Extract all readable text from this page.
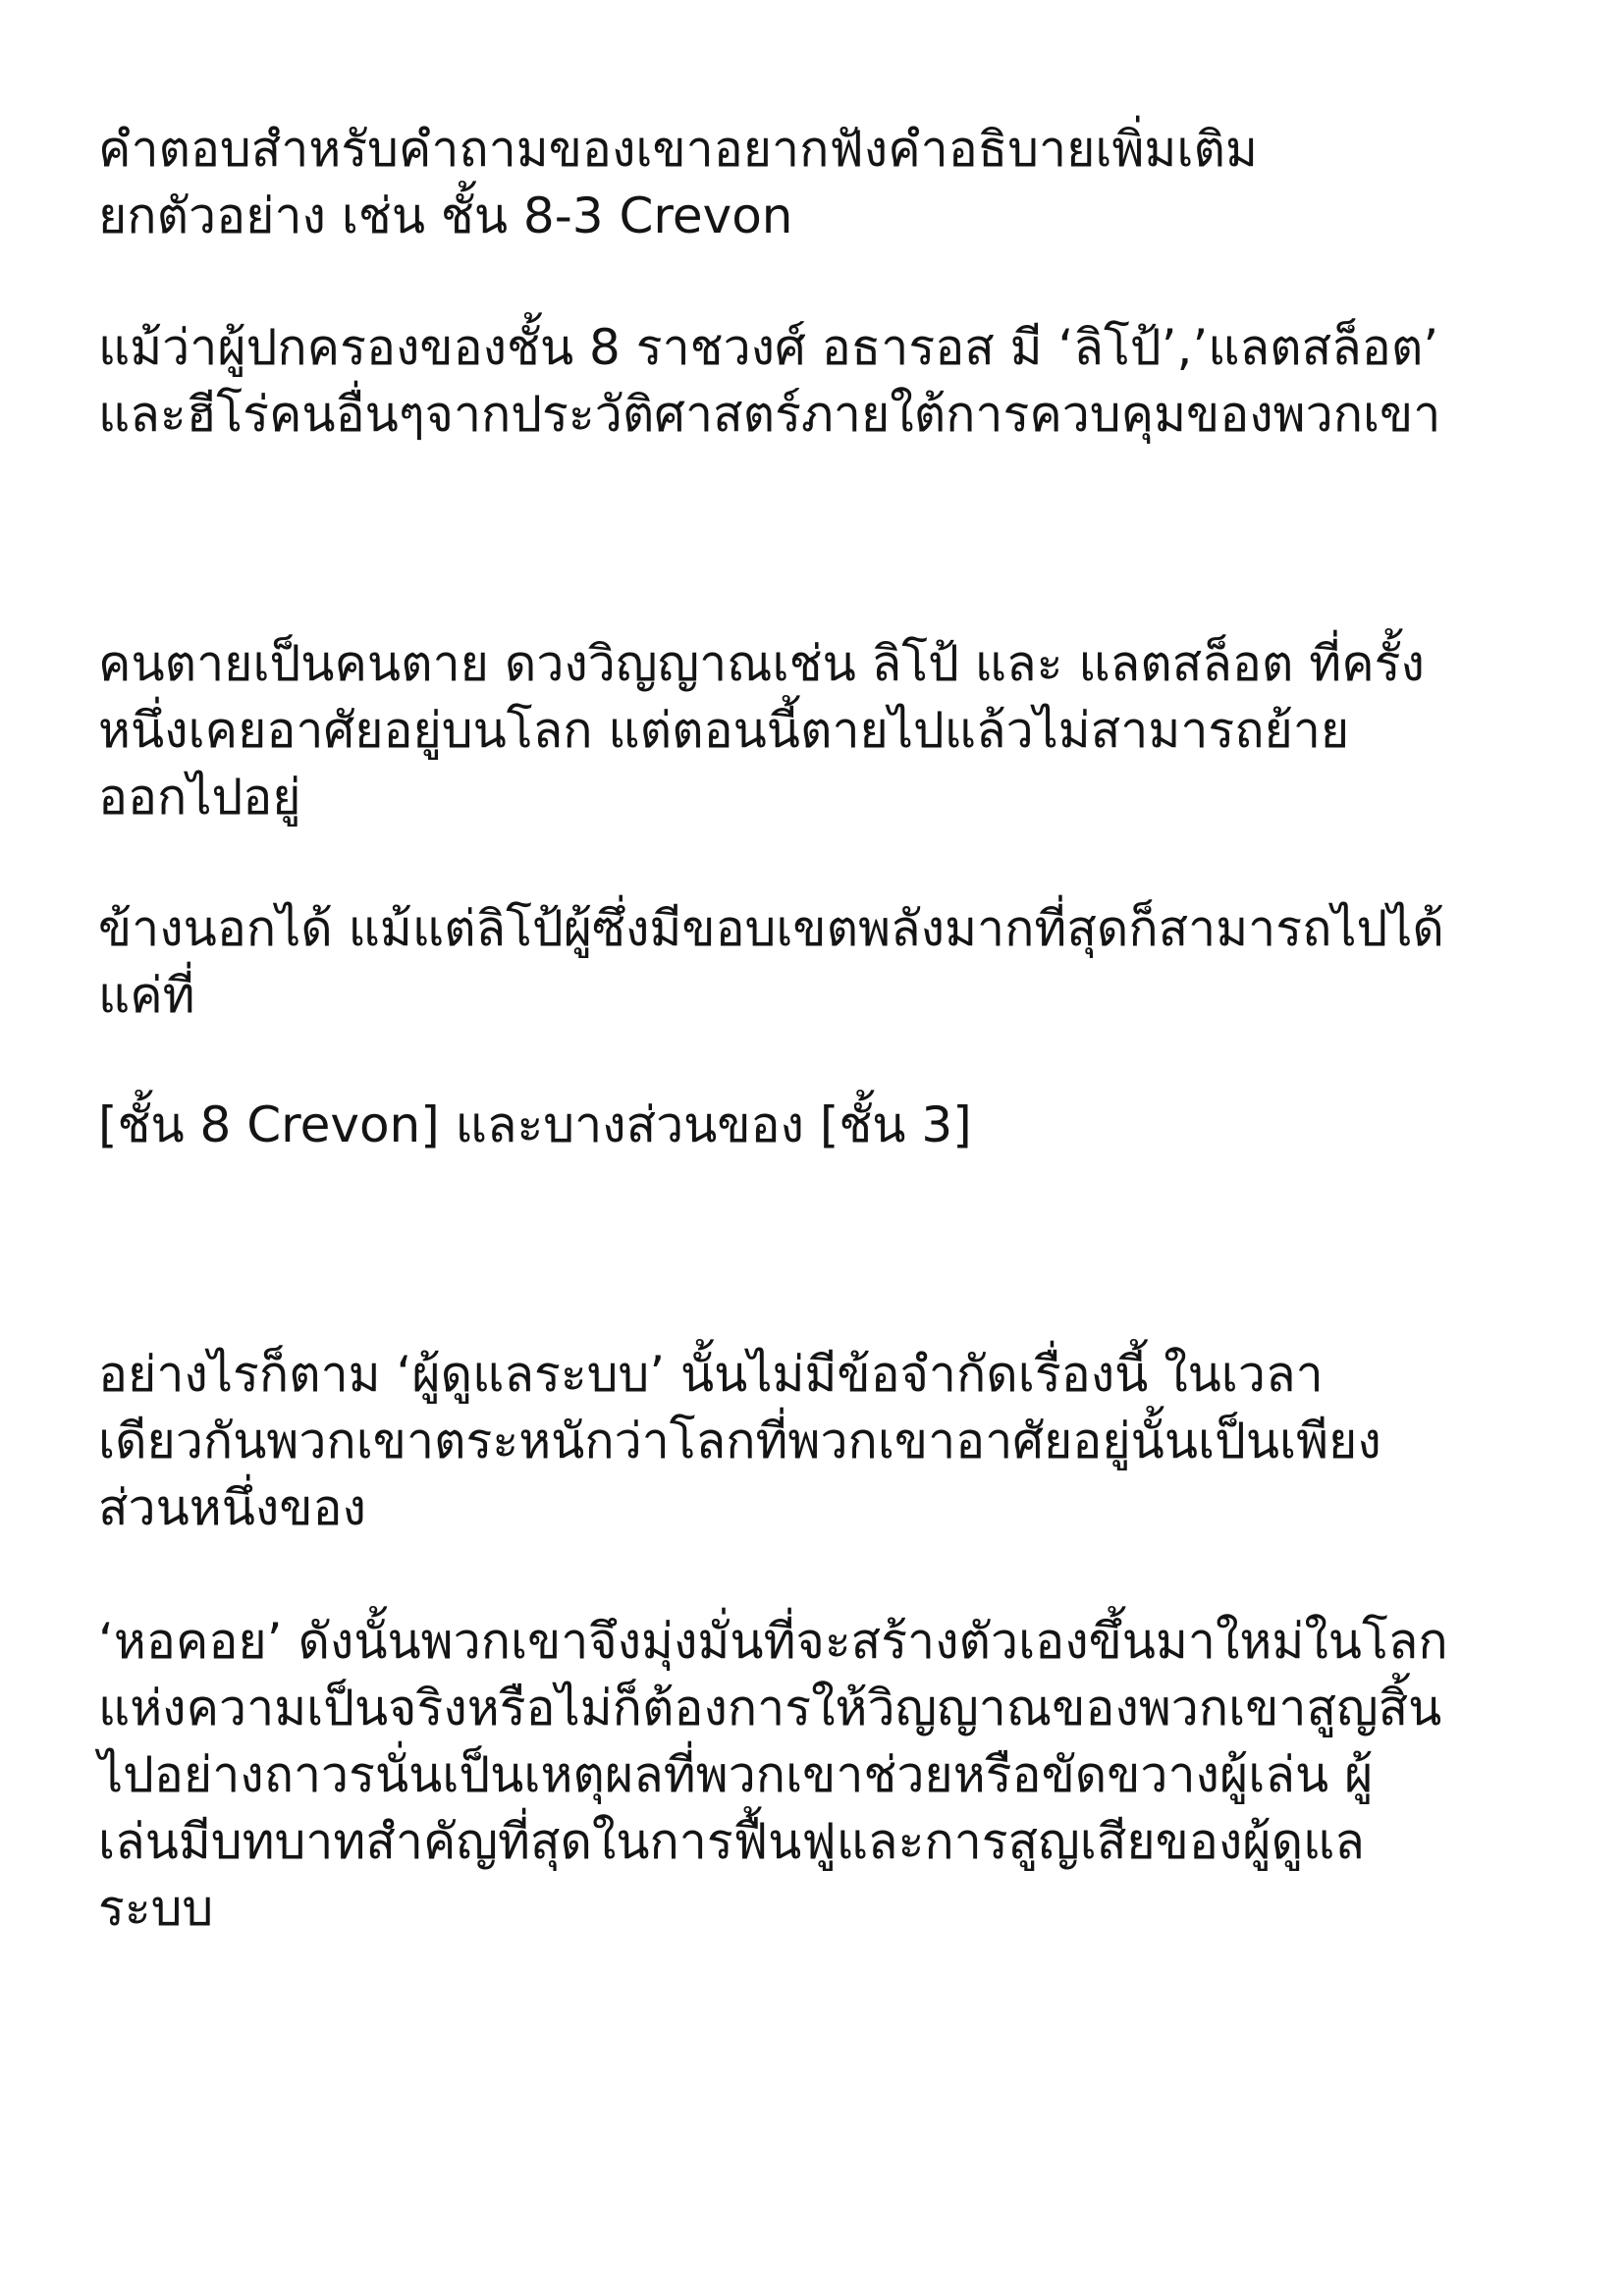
คำตอบสำหรับคำถามของเขาอยากฟังคำอธิบายเพิ่มเติม
ยกตัวอย่าง เช่น ชั้น 8-3 Crevon

แม้ว่าผู้ปกครองของชั้น 8 ราชวงศ์ อธารอส มี ‘ลิโป้’,’แลตสล็อต’
และฮีโร่คนอื่นๆจากประวัติศาสตร์ภายใต้การควบคุมของพวกเขา

คนตายเป็นคนตาย ดวงวิญญาณเช่น ลิโป้ และ แลตสล็อต ที่ครั้ง
หนึ่งเคยอาศัยอยู่บนโลก แต่ตอนนี้ตายไปแล้วไม่สามารถย้าย
ออกไปอยู่

ข้างนอกได้ แม้แต่ลิโป้ผู้ซึ่งมีขอบเขตพลังมากที่สุดก็สามารถไปได้
แค่ที่

[ชั้น 8 Crevon] และบางส่วนของ [ชั้น 3]

อย่างไรก็ตาม ‘ผู้ดูแลระบบ’ นั้นไม่มีข้อจำกัดเรื่องนี้ ในเวลา
เดียวกันพวกเขาตระหนักว่าโลกที่พวกเขาอาศัยอยู่นั้นเป็นเพียง
ส่วนหนึ่งของ

‘หอคอย’ ดังนั้นพวกเขาจึงมุ่งมั่นที่จะสร้างตัวเองขึ้นมาใหม่ในโลก
แห่งความเป็นจริงหรือไม่ก็ต้องการให้วิญญาณของพวกเขาสูญสิ้น
ไปอย่างถาวรนั่นเป็นเหตุผลที่พวกเขาช่วยหรือขัดขวางผู้เล่น ผู้
เล่นมีบทบาทสำคัญที่สุดในการฟื้นฟูและการสูญเสียของผู้ดูแล
ระบบ
